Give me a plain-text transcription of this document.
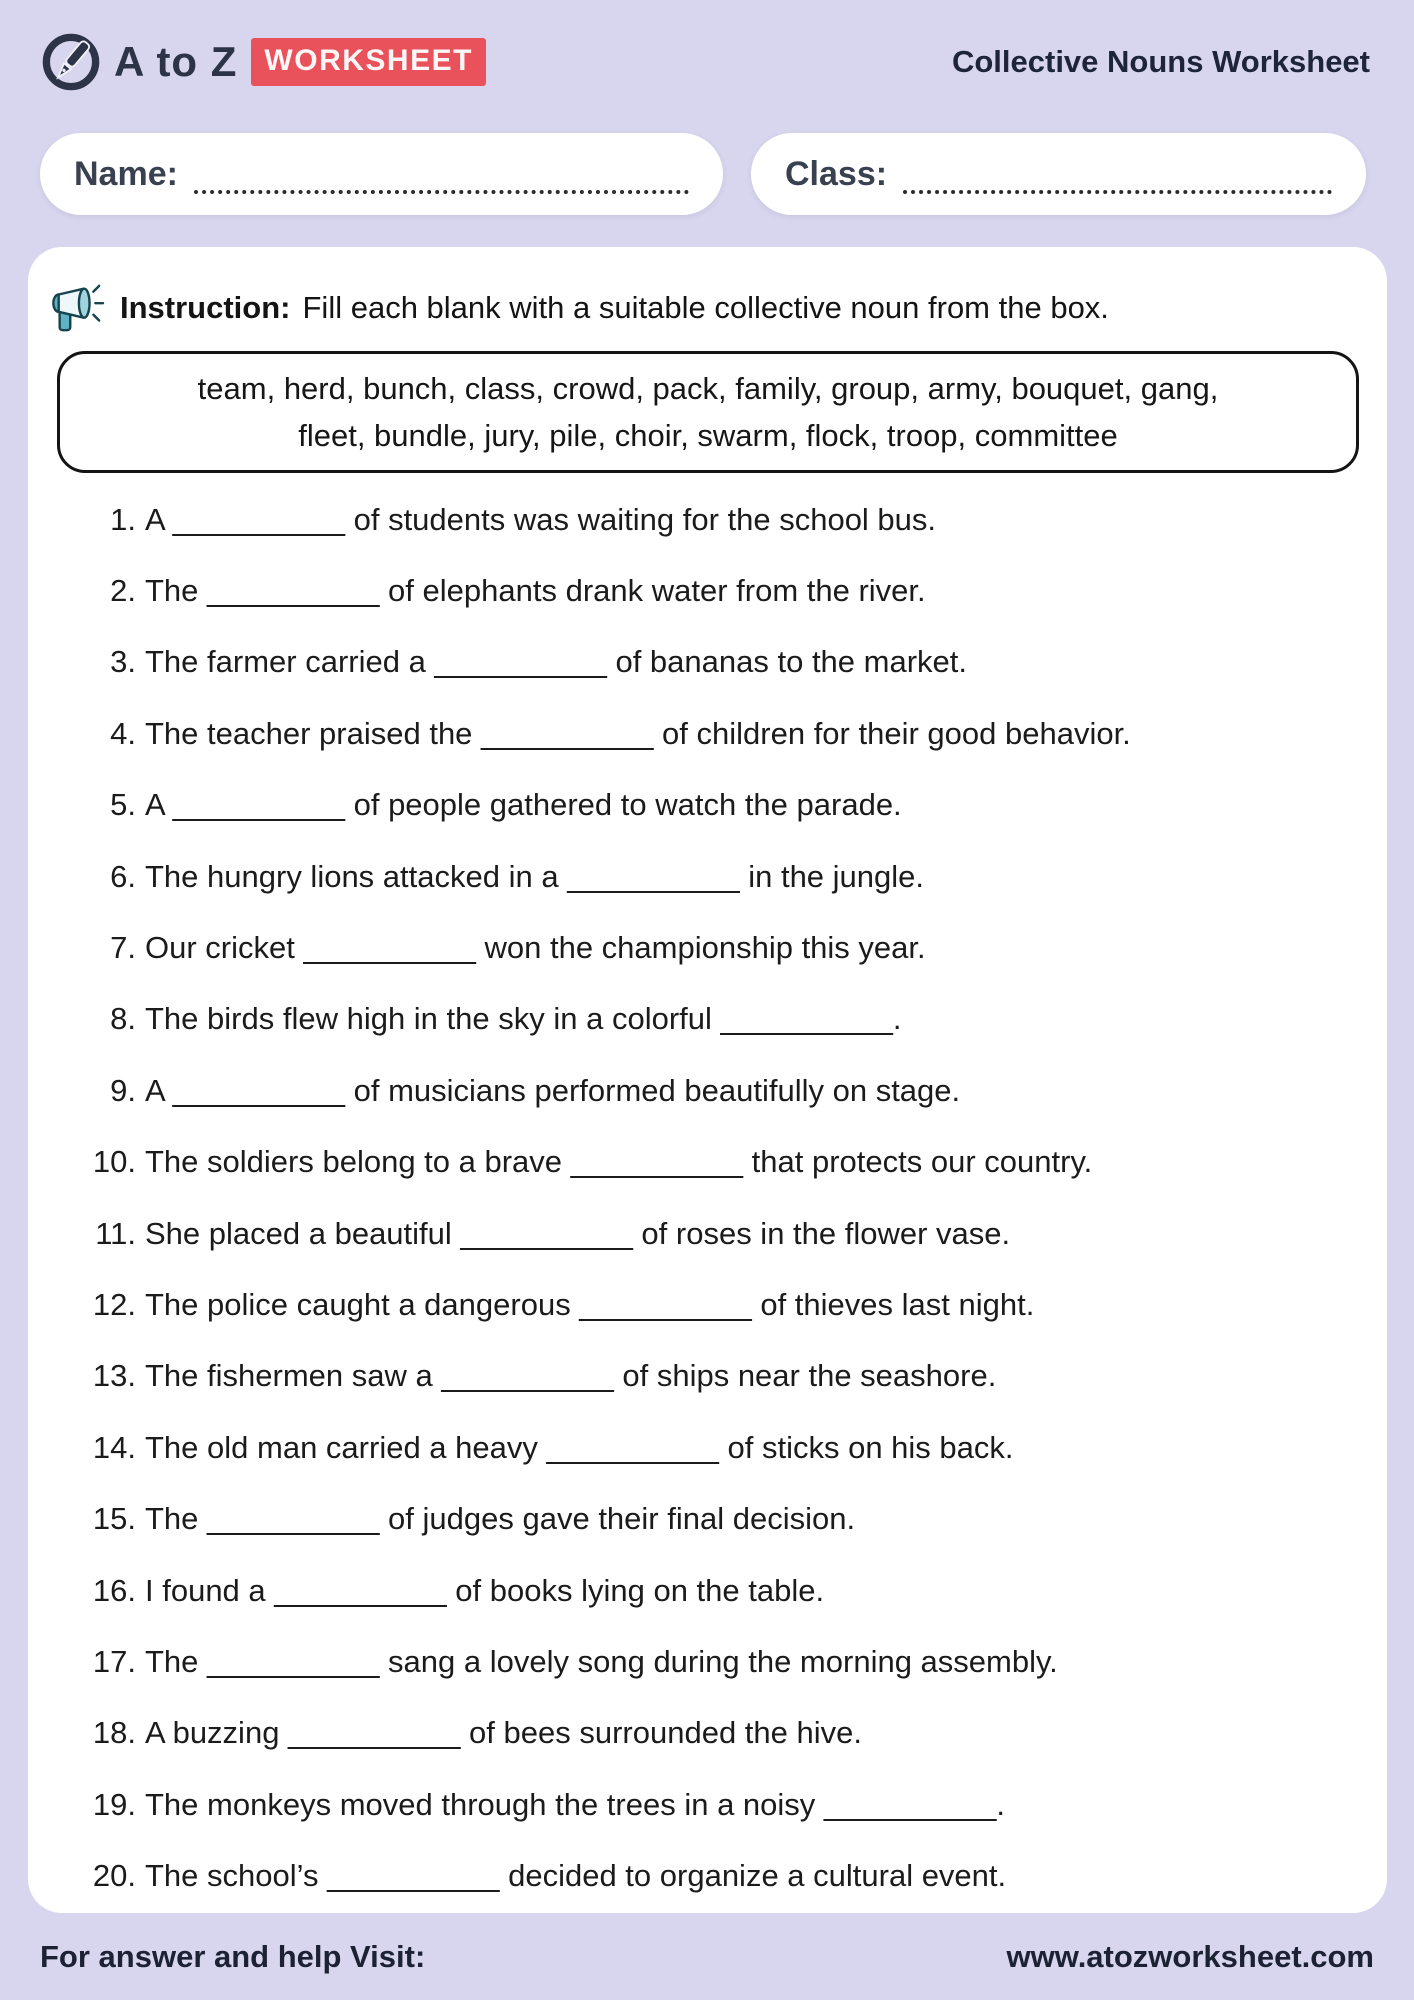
A to Z WORKSHEET	Collective Nouns Worksheet
Name:	Class:
Instruction: Fill each blank with a suitable collective noun from the box.
team, herd, bunch, class, crowd, pack, family, group, army, bouquet, gang,
fleet, bundle, jury, pile, choir, swarm, flock, troop, committee
1. A __________ of students was waiting for the school bus.
2. The __________ of elephants drank water from the river.
3. The farmer carried a __________ of bananas to the market.
4. The teacher praised the __________ of children for their good behavior.
5. A __________ of people gathered to watch the parade.
6. The hungry lions attacked in a __________ in the jungle.
7. Our cricket __________ won the championship this year.
8. The birds flew high in the sky in a colorful __________.
9. A __________ of musicians performed beautifully on stage.
10. The soldiers belong to a brave __________ that protects our country.
11. She placed a beautiful __________ of roses in the flower vase.
12. The police caught a dangerous __________ of thieves last night.
13. The fishermen saw a __________ of ships near the seashore.
14. The old man carried a heavy __________ of sticks on his back.
15. The __________ of judges gave their final decision.
16. I found a __________ of books lying on the table.
17. The __________ sang a lovely song during the morning assembly.
18. A buzzing __________ of bees surrounded the hive.
19. The monkeys moved through the trees in a noisy __________.
20. The school’s __________ decided to organize a cultural event.
For answer and help Visit:	www.atozworksheet.com
